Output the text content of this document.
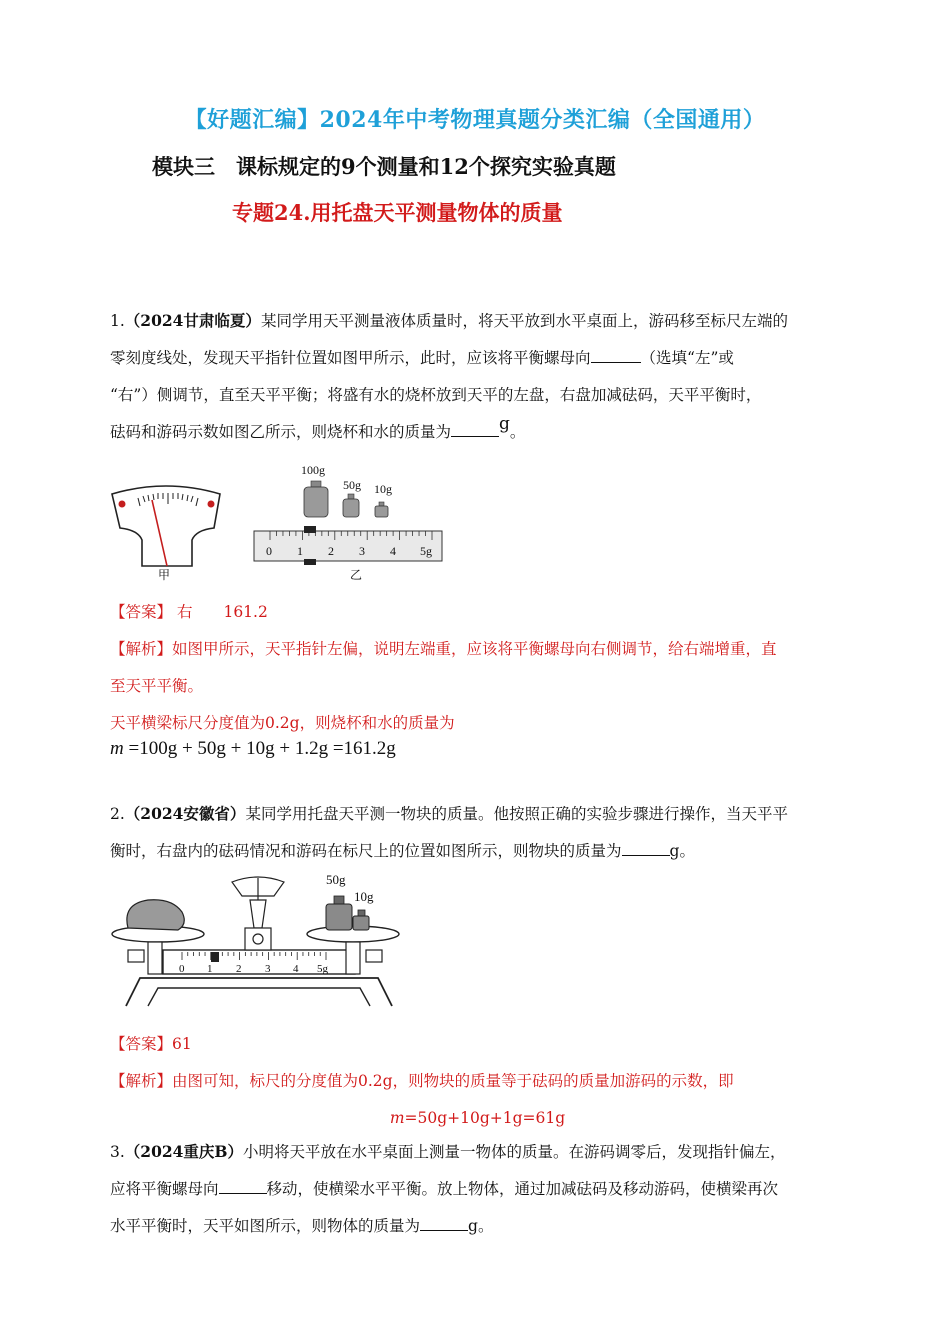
【好题汇编】2024年中考物理真题分类汇编（全国通用）
模块三　课标规定的9个测量和12个探究实验真题
专题24.用托盘天平测量物体的质量
1.（2024甘肃临夏）某同学用天平测量液体质量时，将天平放到水平桌面上，游码移至标尺左端的
零刻度线处，发现天平指针位置如图甲所示，此时，应该将平衡螺母向	（选填“左”或
“右”）侧调节，直至天平平衡；将盛有水的烧杯放到天平的左盘，右盘加减砝码，天平平衡时，
砝码和游码示数如图乙所示，则烧杯和水的质量为	g。
甲
100g
50g 10g
0 1 2 3 4 5g
乙
【答案】 右　　161.2
【解析】如图甲所示，天平指针左偏，说明左端重，应该将平衡螺母向右侧调节，给右端增重，直
至天平平衡。
天平横梁标尺分度值为0.2g，则烧杯和水的质量为
m =100g + 50g + 10g + 1.2g =161.2g
2.（2024安徽省）某同学用托盘天平测一物块的质量。他按照正确的实验步骤进行操作，当天平平
衡时，右盘内的砝码情况和游码在标尺上的位置如图所示，则物块的质量为	g。
0 1 2 3 4 5g
50g
10g
【答案】61
【解析】由图可知，标尺的分度值为0.2g，则物块的质量等于砝码的质量加游码的示数，即
m=50g+10g+1g=61g
3.（2024重庆B）小明将天平放在水平桌面上测量一物体的质量。在游码调零后，发现指针偏左，
应将平衡螺母向	移动，使横梁水平平衡。放上物体，通过加减砝码及移动游码，使横梁再次
水平平衡时，天平如图所示，则物体的质量为	g。
